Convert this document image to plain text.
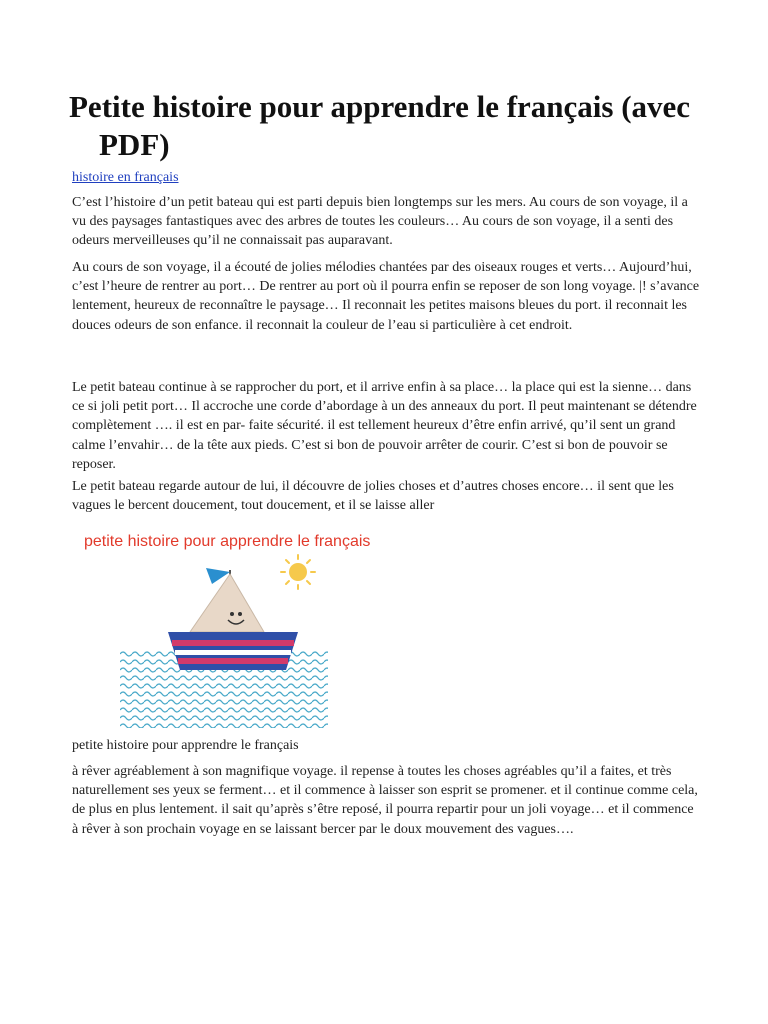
Petite histoire pour apprendre le français (avec PDF)
histoire en français

C’est l’histoire d’un petit bateau qui est parti depuis bien longtemps sur les mers. Au cours de son voyage, il a vu des paysages fantastiques avec des arbres de toutes les couleurs… Au cours de son voyage, il a senti des odeurs merveilleuses qu’il ne connaissait pas auparavant.

Au cours de son voyage, il a écouté de jolies mélodies chantées par des oiseaux rouges et verts… Aujourd’hui, c’est l’heure de rentrer au port… De rentrer au port où il pourra enfin se reposer de son long voyage. |! s’avance lentement, heureux de reconnaître le paysage… Il reconnait les petites maisons bleues du port. il reconnait les douces odeurs de son enfance. il reconnait la couleur de l’eau si particulière à cet endroit.

Le petit bateau continue à se rapprocher du port, et il arrive enfin à sa place… la place qui est la sienne… dans ce si joli petit port… Il accroche une corde d’abordage à un des anneaux du port. Il peut maintenant se détendre complètement …. il est en par- faite sécurité. il est tellement heureux d’être enfin arrivé, qu’il sent un grand calme l’envahir… de la tête aux pieds. C’est si bon de pouvoir arrêter de courir. C’est si bon de pouvoir se reposer.

Le petit bateau regarde autour de lui, il découvre de jolies choses et d’autres choses encore… il sent que les vagues le bercent doucement, tout doucement, et il se laisse aller

petite histoire pour apprendre le français
petite histoire pour apprendre le français

à rêver agréablement à son magnifique voyage. il repense à toutes les choses agréables qu’il a faites, et très naturellement ses yeux se ferment… et il commence à laisser son esprit se promener. et il continue comme cela, de plus en plus lentement. il sait qu’après s’être reposé, il pourra repartir pour un joli voyage… et il commence à rêver à son prochain voyage en se laissant bercer par le doux mouvement des vagues….
